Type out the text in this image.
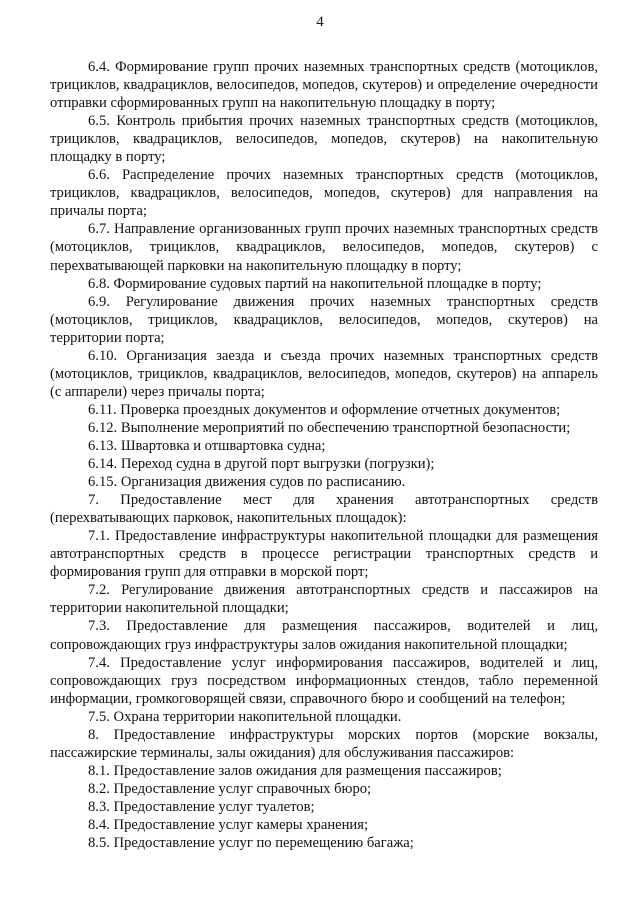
4

6.4. Формирование групп прочих наземных транспортных средств (мотоциклов, трициклов, квадрациклов, велосипедов, мопедов, скутеров) и определение очередности отправки сформированных групп на накопительную площадку в порту;

6.5. Контроль прибытия прочих наземных транспортных средств (мотоциклов, трициклов, квадрациклов, велосипедов, мопедов, скутеров) на накопительную площадку в порту;

6.6. Распределение прочих наземных транспортных средств (мотоциклов, трициклов, квадрациклов, велосипедов, мопедов, скутеров) для направления на причалы порта;

6.7. Направление организованных групп прочих наземных транспортных средств (мотоциклов, трициклов, квадрациклов, велосипедов, мопедов, скутеров) с перехватывающей парковки на накопительную площадку в порту;

6.8. Формирование судовых партий на накопительной площадке в порту;

6.9. Регулирование движения прочих наземных транспортных средств (мотоциклов, трициклов, квадрациклов, велосипедов, мопедов, скутеров) на территории порта;

6.10. Организация заезда и съезда прочих наземных транспортных средств (мотоциклов, трициклов, квадрациклов, велосипедов, мопедов, скутеров) на аппарель (с аппарели) через причалы порта;

6.11. Проверка проездных документов и оформление отчетных документов;

6.12. Выполнение мероприятий по обеспечению транспортной безопасности;

6.13. Швартовка и отшвартовка судна;

6.14. Переход судна в другой порт выгрузки (погрузки);

6.15. Организация движения судов по расписанию.

7. Предоставление мест для хранения автотранспортных средств (перехватывающих парковок, накопительных площадок):

7.1. Предоставление инфраструктуры накопительной площадки для размещения автотранспортных средств в процессе регистрации транспортных средств и формирования групп для отправки в морской порт;

7.2. Регулирование движения автотранспортных средств и пассажиров на территории накопительной площадки;

7.3. Предоставление для размещения пассажиров, водителей и лиц, сопровождающих груз инфраструктуры залов ожидания накопительной площадки;

7.4. Предоставление услуг информирования пассажиров, водителей и лиц, сопровождающих груз посредством информационных стендов, табло переменной информации, громкоговорящей связи, справочного бюро и сообщений на телефон;

7.5. Охрана территории накопительной площадки.

8. Предоставление инфраструктуры морских портов (морские вокзалы, пассажирские терминалы, залы ожидания) для обслуживания пассажиров:

8.1. Предоставление залов ожидания для размещения пассажиров;

8.2. Предоставление услуг справочных бюро;

8.3. Предоставление услуг туалетов;

8.4. Предоставление услуг камеры хранения;

8.5. Предоставление услуг по перемещению багажа;
